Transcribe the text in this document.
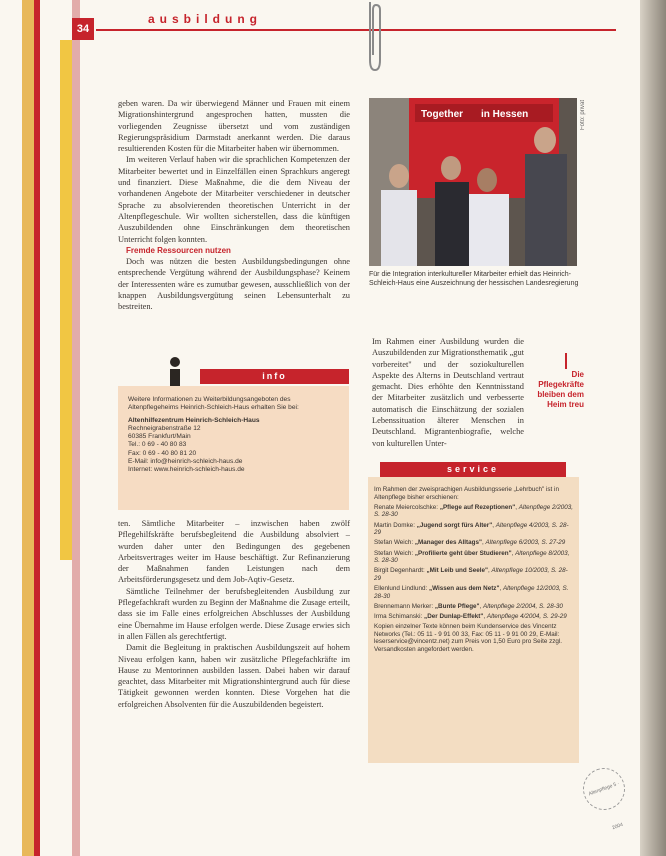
34
ausbildung

geben waren. Da wir überwiegend Männer und Frauen mit einem Migrationshintergrund angesprochen hatten, mussten die vorliegenden Zeugnisse übersetzt und vom zuständigen Regierungspräsidium Darmstadt anerkannt werden. Die daraus resultierenden Kosten für die Mitarbeiter haben wir übernommen.

Im weiteren Verlauf haben wir die sprachlichen Kompetenzen der Mitarbeiter bewertet und in Einzelfällen einen Sprachkurs angeregt und finanziert. Diese Maßnahme, die die dem Niveau der vorhandenen Angebote der Mitarbeiter verschiedener in deutscher Sprache zu absolvierenden theoretischen Unterricht in der Altenpflegeschule. Wir wollten sicherstellen, dass die künftigen Auszubildenden ohne Einschränkungen dem theoretischen Unterricht folgen konnten.

Fremde Ressourcen nutzen

Doch was nützen die besten Ausbildungsbedingungen ohne entsprechende Vergütung während der Ausbildungsphase? Keinem der Interessenten wäre es zumutbar gewesen, ausschließlich von der knappen Ausbildungsvergütung seinen Lebensunterhalt zu bestreiten.

info
Weitere Informationen zu Weiterbildungsangeboten des Altenpflegeheims Heinrich-Schleich-Haus erhalten Sie bei:
Altenhilfezentrum Heinrich-Schleich-Haus
Rechneigrabenstraße 12
60385 Frankfurt/Main
Tel.: 0 69 - 40 80 83
Fax: 0 69 - 40 80 81 20
E-Mail: info@heinrich-schleich-haus.de
Internet: www.heinrich-schleich-haus.de

ten. Sämtliche Mitarbeiter – inzwischen haben zwölf Pflegehilfskräfte berufsbegleitend die Ausbildung absolviert – wurden daher unter den Bedingungen des gegebenen Arbeitsvertrages weiter im Hause beschäftigt. Zur Refinanzierung der Maßnahmen fanden Leistungen nach dem Arbeitsförderungsgesetz und dem Job-Aqtiv-Gesetz.

Sämtliche Teilnehmer der berufsbegleitenden Ausbildung zur Pflegefachkraft wurden zu Beginn der Maßnahme die Zusage erteilt, dass sie im Falle eines erfolgreichen Abschlusses der Ausbildung eine Übernahme im Hause erfolgen werde. Diese Zusage erwies sich in allen Fällen als gerechtfertigt.

Damit die Begleitung in praktischen Ausbildungszeit auf hohem Niveau erfolgen kann, haben wir zusätzliche Pflegefachkräfte im Hause zu Mentorinnen ausbilden lassen. Dabei haben wir darauf geachtet, dass Mitarbeiter mit Migrationshintergrund auch für diese Tätigkeit gewonnen werden konnten. Diese Vorgehen hat die erfolgreichen Absolventen für die Auszubildenden begeistert.

Together in Hessen	Foto: privat
Für die Integration interkultureller Mitarbeiter erhielt das Heinrich-Schleich-Haus eine Auszeichnung der hessischen Landesregierung

Im Rahmen einer Ausbildung wurden die Auszubildenden zur Migrationsthematik „gut vorbereitet" und der soziokulturellen Aspekte des Alterns in Deutschland vertraut gemacht. Dies erhöhte den Kenntnisstand der Mitarbeiter zusätzlich und verbesserte automatisch die Einschätzung der sozialen Lebenssituation älterer Menschen in Deutschland. Migrantenbiografie, welche von kulturellen Unter-

Die Pflegekräfte bleiben dem Heim treu
service
Im Rahmen der zweisprachigen Ausbildungsserie „Lehrbuch" ist in Altenpflege bisher erschienen:
Renate Meiercolschke: „Pflege auf Rezeptionen", Altenpflege 2/2003, S. 28-30
Martin Domke: „Jugend sorgt fürs Alter", Altenpflege 4/2003, S. 28-29
Stefan Weich: „Manager des Alltags", Altenpflege 6/2003, S. 27-29
Stefan Weich: „Profilierte geht über Studieren", Altenpflege 8/2003, S. 28-30
Birgit Degenhardt: „Mit Leib und Seele", Altenpflege 10/2003, S. 28-29
Ellenlund Lindlund: „Wissen aus dem Netz", Altenpflege 12/2003, S. 28-30
Brennemann Merker: „Bunte Pflege", Altenpflege 2/2004, S. 28-30
Irma Schimanski: „Der Dunlap-Effekt", Altenpflege 4/2004, S. 29-29
Kopien einzelner Texte können beim Kundenservice des Vincentz Networks (Tel.: 05 11 - 9 91 00 33, Fax: 05 11 - 9 91 00 29, E-Mail: leserservice@vincentz.net) zum Preis von 1,50 Euro pro Seite zzgl. Versandkosten angefordert werden.
Altenpflege 5 · 2004
